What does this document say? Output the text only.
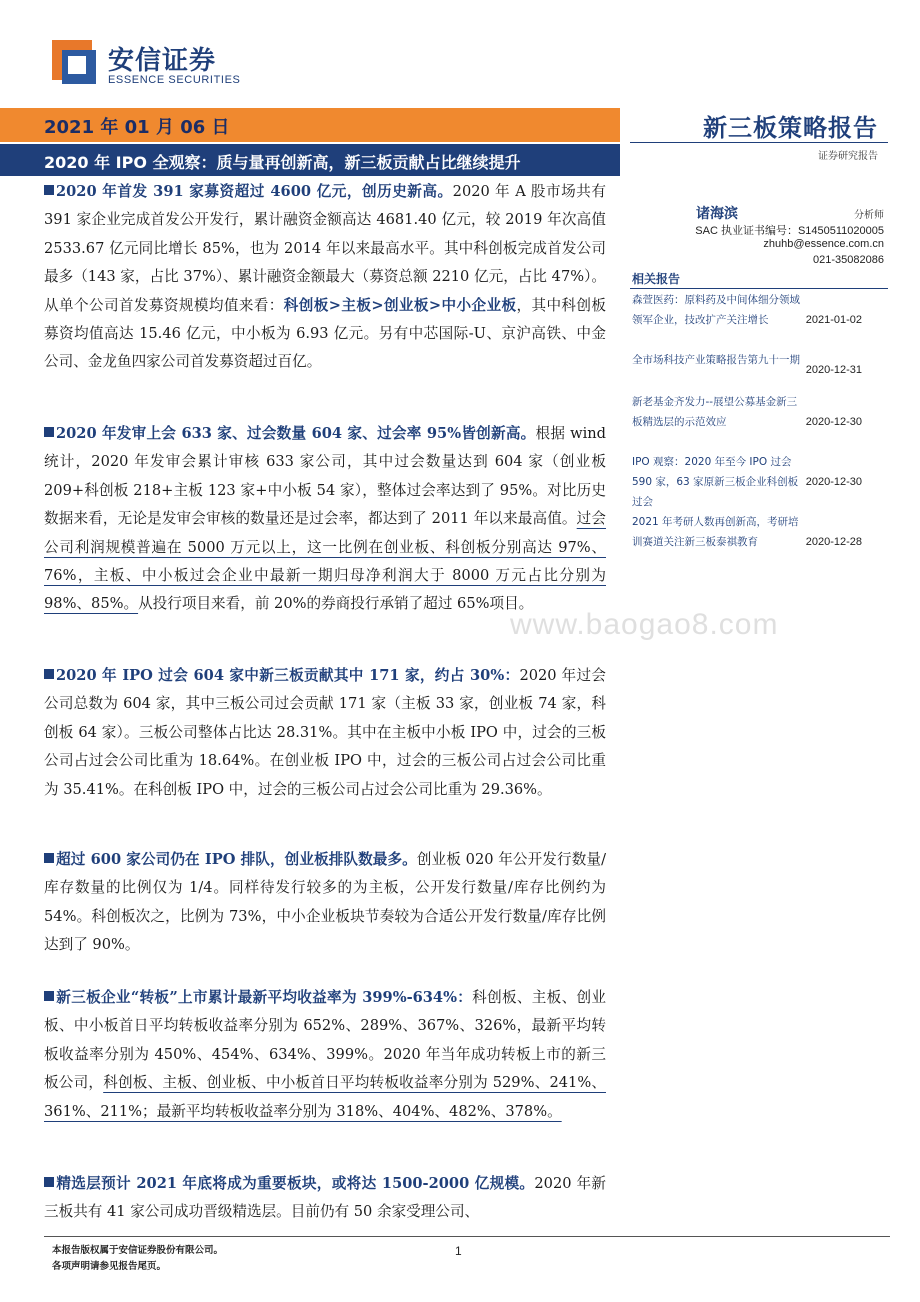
安信证券
ESSENCE SECURITIES
2021 年 01 月 06 日
2020 年 IPO 全观察：质与量再创新高，新三板贡献占比继续提升
新三板策略报告
证券研究报告
诸海滨	分析师
SAC 执业证书编号：S1450511020005
zhuhb@essence.com.cn
021-35082086
相关报告
森萱医药：原料药及中间体细分领域领军企业，技改扩产关注增长	2021-01-02
全市场科技产业策略报告第九十一期
2020-12-31
新老基金齐发力--展望公募基金新三板精选层的示范效应	2020-12-30
IPO 观察：2020 年至今 IPO 过会 590 家，63 家原新三板企业科创板过会
2020-12-30
2021 年考研人数再创新高，考研培训赛道关注新三板泰祺教育	2020-12-28
2020 年首发 391 家募资超过 4600 亿元，创历史新高。2020 年 A 股市场共有 391 家企业完成首发公开发行，累计融资金额高达 4681.40 亿元，较 2019 年次高值 2533.67 亿元同比增长 85%，也为 2014 年以来最高水平。其中科创板完成首发公司最多（143 家，占比 37%）、累计融资金额最大（募资总额 2210 亿元，占比 47%）。从单个公司首发募资规模均值来看：科创板>主板>创业板>中小企业板，其中科创板募资均值高达 15.46 亿元，中小板为 6.93 亿元。另有中芯国际-U、京沪高铁、中金公司、金龙鱼四家公司首发募资超过百亿。
2020 年发审上会 633 家、过会数量 604 家、过会率 95%皆创新高。根据 wind 统计，2020 年发审会累计审核 633 家公司，其中过会数量达到 604 家（创业板 209+科创板 218+主板 123 家+中小板 54 家），整体过会率达到了 95%。对比历史数据来看，无论是发审会审核的数量还是过会率，都达到了 2011 年以来最高值。过会公司利润规模普遍在 5000 万元以上，这一比例在创业板、科创板分别高达 97%、76%，主板、中小板过会企业中最新一期归母净利润大于 8000 万元占比分别为 98%、85%。从投行项目来看，前 20%的券商投行承销了超过 65%项目。
2020 年 IPO 过会 604 家中新三板贡献其中 171 家，约占 30%：2020 年过会公司总数为 604 家，其中三板公司过会贡献 171 家（主板 33 家，创业板 74 家，科创板 64 家）。三板公司整体占比达 28.31%。其中在主板中小板 IPO 中，过会的三板公司占过会公司比重为 18.64%。在创业板 IPO 中，过会的三板公司占过会公司比重为 35.41%。在科创板 IPO 中，过会的三板公司占过会公司比重为 29.36%。
超过 600 家公司仍在 IPO 排队，创业板排队数最多。创业板 020 年公开发行数量/库存数量的比例仅为 1/4。同样待发行较多的为主板，公开发行数量/库存比例约为 54%。科创板次之，比例为 73%，中小企业板块节奏较为合适公开发行数量/库存比例达到了 90%。
新三板企业“转板”上市累计最新平均收益率为 399%-634%：科创板、主板、创业板、中小板首日平均转板收益率分别为 652%、289%、367%、326%，最新平均转板收益率分别为 450%、454%、634%、399%。2020 年当年成功转板上市的新三板公司，科创板、主板、创业板、中小板首日平均转板收益率分别为 529%、241%、361%、211%；最新平均转板收益率分别为 318%、404%、482%、378%。
精选层预计 2021 年底将成为重要板块，或将达 1500-2000 亿规模。2020 年新三板共有 41 家公司成功晋级精选层。目前仍有 50 余家受理公司、
www.baogao8.com
本报告版权属于安信证券股份有限公司。
各项声明请参见报告尾页。
1
